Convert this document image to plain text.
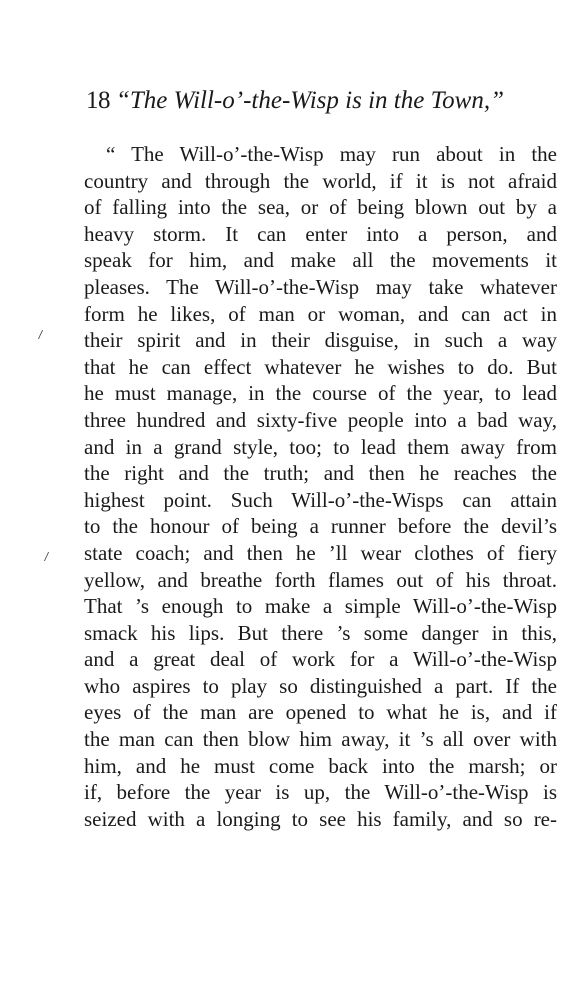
18 “The Will-o’-the-Wisp is in the Town,”
“ The Will-o’-the-Wisp may run about in the
country and through the world, if it is not afraid
of falling into the sea, or of being blown out by a
heavy storm. It can enter into a person, and
speak for him, and make all the movements it
pleases. The Will-o’-the-Wisp may take whatever
form he likes, of man or woman, and can act in
their spirit and in their disguise, in such a way
that he can effect whatever he wishes to do. But
he must manage, in the course of the year, to lead
three hundred and sixty-five people into a bad way,
and in a grand style, too; to lead them away from
the right and the truth; and then he reaches the
highest point. Such Will-o’-the-Wisps can attain
to the honour of being a runner before the devil’s
state coach; and then he ’ll wear clothes of fiery
yellow, and breathe forth flames out of his throat.
That ’s enough to make a simple Will-o’-the-Wisp
smack his lips. But there ’s some danger in this,
and a great deal of work for a Will-o’-the-Wisp
who aspires to play so distinguished a part. If the
eyes of the man are opened to what he is, and if
the man can then blow him away, it ’s all over with
him, and he must come back into the marsh; or
if, before the year is up, the Will-o’-the-Wisp is
seized with a longing to see his family, and so re-
